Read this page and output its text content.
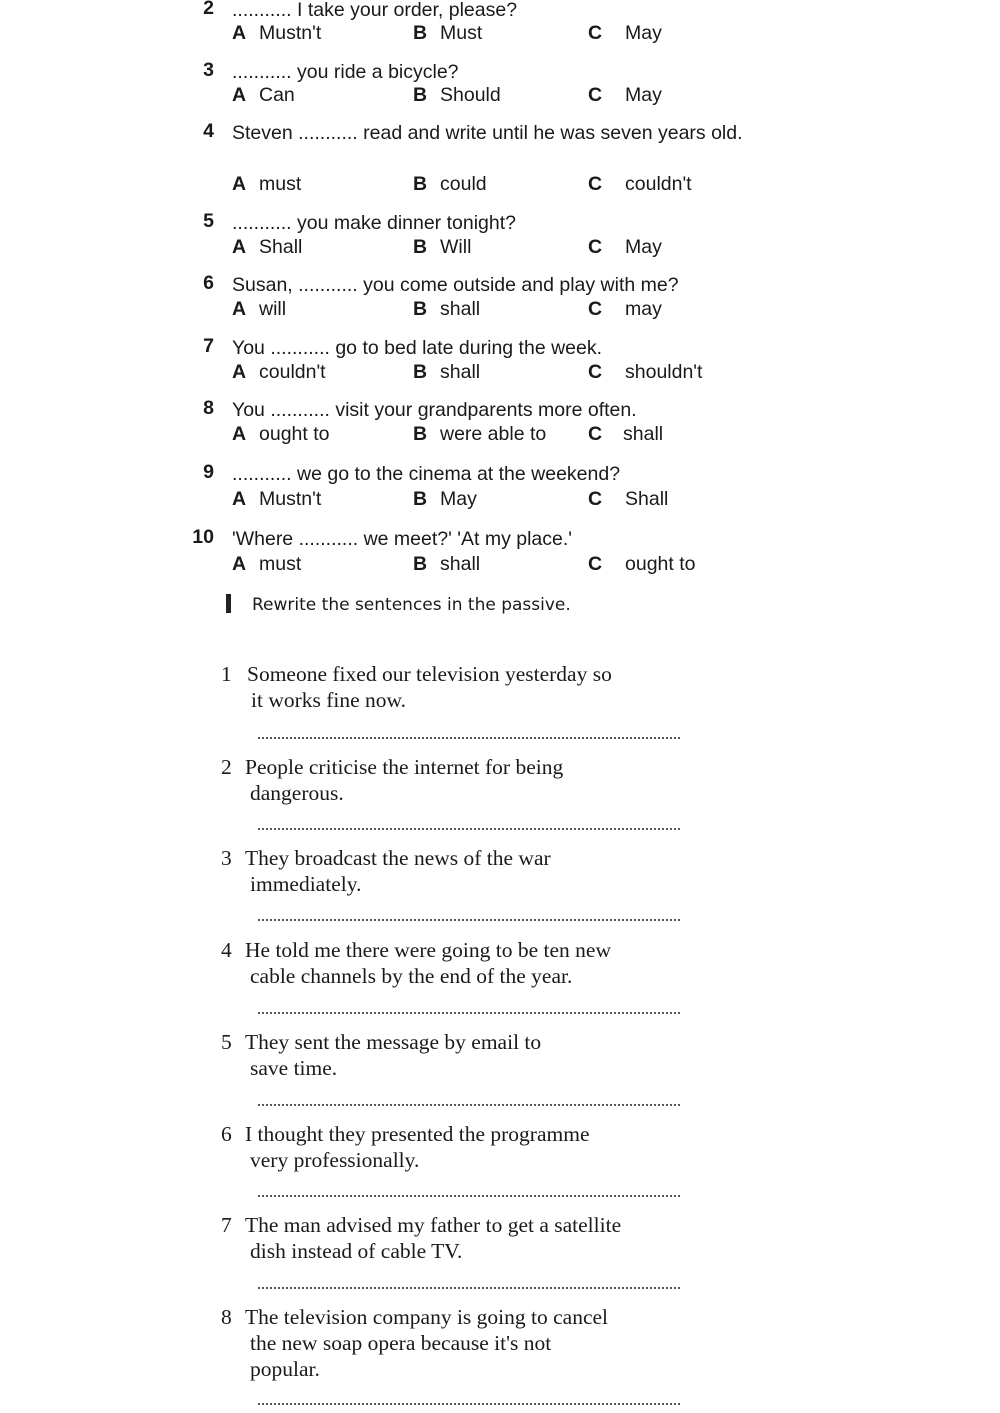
2 ........... I take your order, please?
A Mustn't	B Must	C May
3 ........... you ride a bicycle?
A Can	B Should	C May
4 Steven ........... read and write until he was seven years old.
A must	B could	C couldn't
5 ........... you make dinner tonight?
A Shall	B Will	C May
6 Susan, ........... you come outside and play with me?
A will	B shall	C may
7 You ........... go to bed late during the week.
A couldn't	B shall	C shouldn't
8 You ........... visit your grandparents more often.
A ought to	B were able to C shall
9 ........... we go to the cinema at the weekend?
A Mustn't	B May	C Shall
10 'Where ........... we meet?' 'At my place.'
A must	B shall	C ought to
Rewrite the sentences in the passive.
1 Someone fixed our television yesterday so
it works fine now.
2 People criticise the internet for being
dangerous.
3 They broadcast the news of the war
immediately.
4 He told me there were going to be ten new
cable channels by the end of the year.
5 They sent the message by email to
save time.
6 I thought they presented the programme
very professionally.
7 The man advised my father to get a satellite
dish instead of cable TV.
8 The television company is going to cancel
the new soap opera because it's not
popular.
